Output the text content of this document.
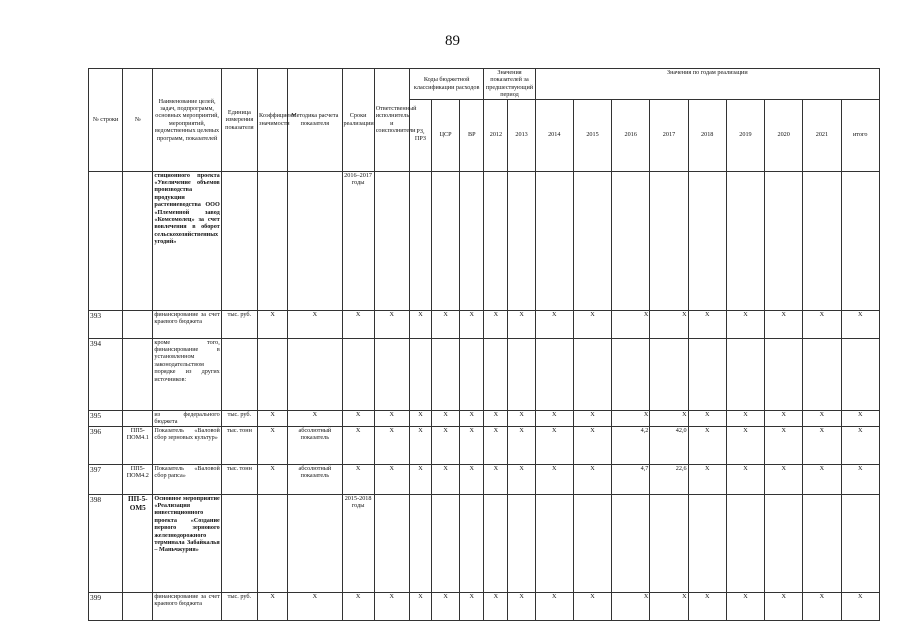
89
№ строки	№	Наименование целей, задач, подпрограмм, основных мероприятий, мероприятий, ведомственных целевых программ, показателей	Единица измерения показателя	Коэффициент значимости	Методика расчета показателя	Сроки реализации	Ответственный исполнитель и соисполнители	Коды бюджетной классификации расходов			Значения показателей за предшествующий период		Значения по годам реализации								
								РЗ, ПРЗ	ЦСР	ВР	2012	2013	2014	2015	2016	2017	2018	2019	2020	2021	итого
		стиционного проекта «Увеличение объемов производства продукции растениеводства ООО «Племенной завод «Комсомолец» за счет вовлечения в оборот сельскохозяйственных угодий»				2016–2017 годы															
393		финансирование за счет краевого бюджета	тыс. руб.	X	X	X	X	X	X	X	X	X	X	X	X	X	X	X	X	X	X
394		кроме того, финансирование в установленном законодательством порядке из других источников:																			
395		из федерального бюджета	тыс. руб.	X	X	X	X	X	X	X	X	X	X	X	X	X	X	X	X	X	X
396	ПП5-ПОМ4.1	Показатель «Валовой сбор зерновых культур»	тыс. тонн	X	абсолютный показатель	X	X	X	X	X	X	X	X	X	4,2	42,0	X	X	X	X	X
397	ПП5-ПОМ4.2	Показатель «Валовой сбор рапса»	тыс. тонн	X	абсолютный показатель	X	X	X	X	X	X	X	X	X	4,7	22,6	X	X	X	X	X
398	ПП-5-ОМ5	Основное мероприятие «Реализация инвестиционного проекта «Создание первого зернового железнодорожного терминала Забайкалья – Маньчжурия»				2015-2018 годы															
399		финансирование за счет краевого бюджета	тыс. руб.	X	X	X	X	X	X	X	X	X	X	X	X	X	X	X	X	X	X
